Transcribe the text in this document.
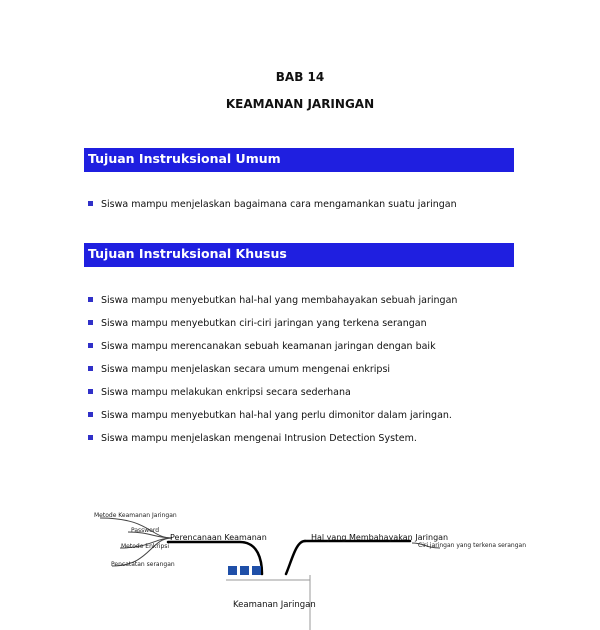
BAB 14
KEAMANAN JARINGAN
Tujuan Instruksional Umum
Siswa mampu menjelaskan bagaimana cara mengamankan suatu jaringan
Tujuan Instruksional Khusus
Siswa mampu menyebutkan hal-hal yang membahayakan sebuah jaringan
Siswa mampu menyebutkan ciri-ciri jaringan yang terkena serangan
Siswa mampu merencanakan sebuah keamanan jaringan dengan baik
Siswa mampu menjelaskan secara umum mengenai enkripsi
Siswa mampu melakukan enkripsi secara sederhana
Siswa mampu menyebutkan hal-hal yang perlu dimonitor dalam jaringan.
Siswa mampu menjelaskan mengenai Intrusion Detection System.
Keamanan Jaringan
Perencanaan Keamanan	Hal yang Membahayakan Jaringan
Metode Keamanan Jaringan
Password
Metode Enkripsi
Pencatatan serangan
Ciri jaringan yang terkena serangan
